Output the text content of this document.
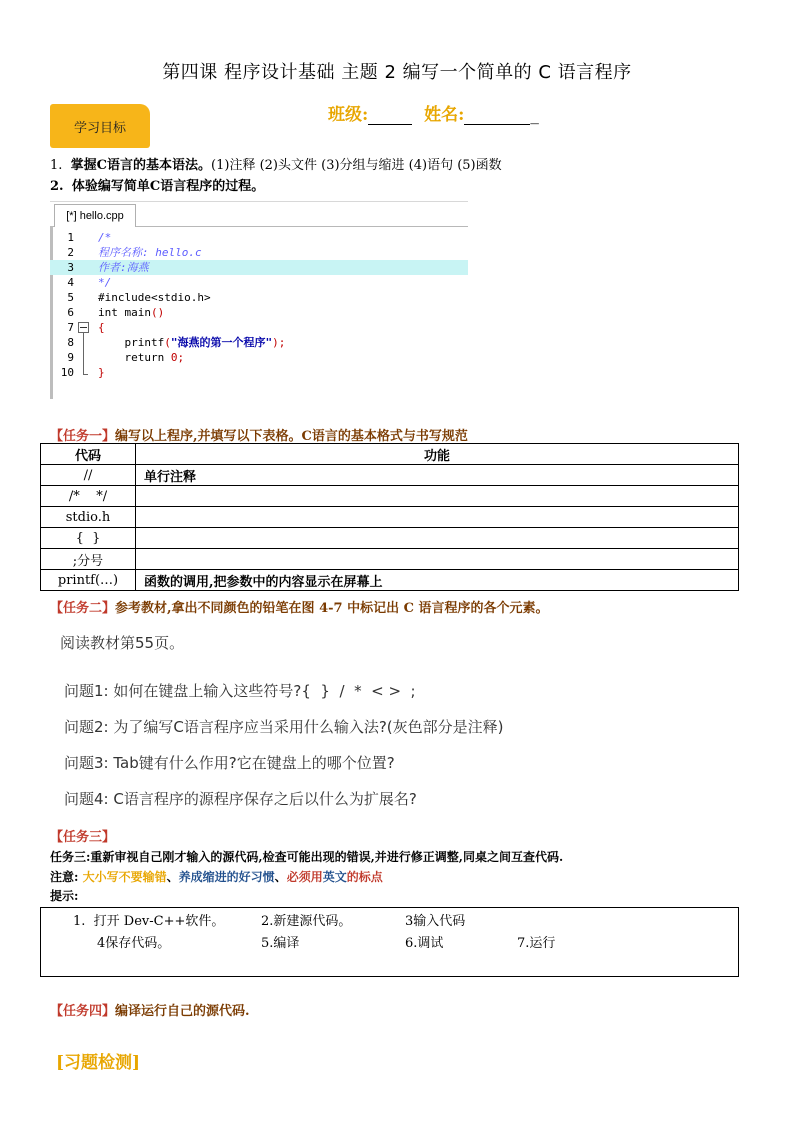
第四课 程序设计基础 主题 2 编写一个简单的 C 语言程序
班级:	姓名:	_
学习目标
1. 掌握C语言的基本语法。(1)注释 (2)头文件 (3)分组与缩进 (4)语句 (5)函数
2. 体验编写简单C语言程序的过程。
[*] hello.cpp
1 /*
2 程序名称: hello.c
3 作者:海燕
4 */
5 #include<stdio.h>
6 int main()
7 {
8 printf("海燕的第一个程序");
9 return 0;
10 }
【任务一】编写以上程序,并填写以下表格。C语言的基本格式与书写规范
代码	功能
//	单行注释
/*    */	
stdio.h	
{  }	
;分号	
printf(…)	函数的调用,把参数中的内容显示在屏幕上
【任务二】参考教材,拿出不同颜色的铅笔在图 4-7 中标记出 C 语言程序的各个元素。
阅读教材第55页。
问题1: 如何在键盘上输入这些符号?{  }  /  *  < >  ;
问题2: 为了编写C语言程序应当采用什么输入法?(灰色部分是注释)
问题3: Tab键有什么作用?它在键盘上的哪个位置?
问题4: C语言程序的源程序保存之后以什么为扩展名?
【任务三】
任务三:重新审视自己刚才输入的源代码,检查可能出现的错误,并进行修正调整,同桌之间互查代码.
注意: 大小写不要输错、养成缩进的好习惯、必须用英文的标点
提示:
1.  打开 Dev-C++软件。	2.新建源代码。	3输入代码
4保存代码。	5.编译	6.调试	7.运行
【任务四】编译运行自己的源代码.
[习题检测]
